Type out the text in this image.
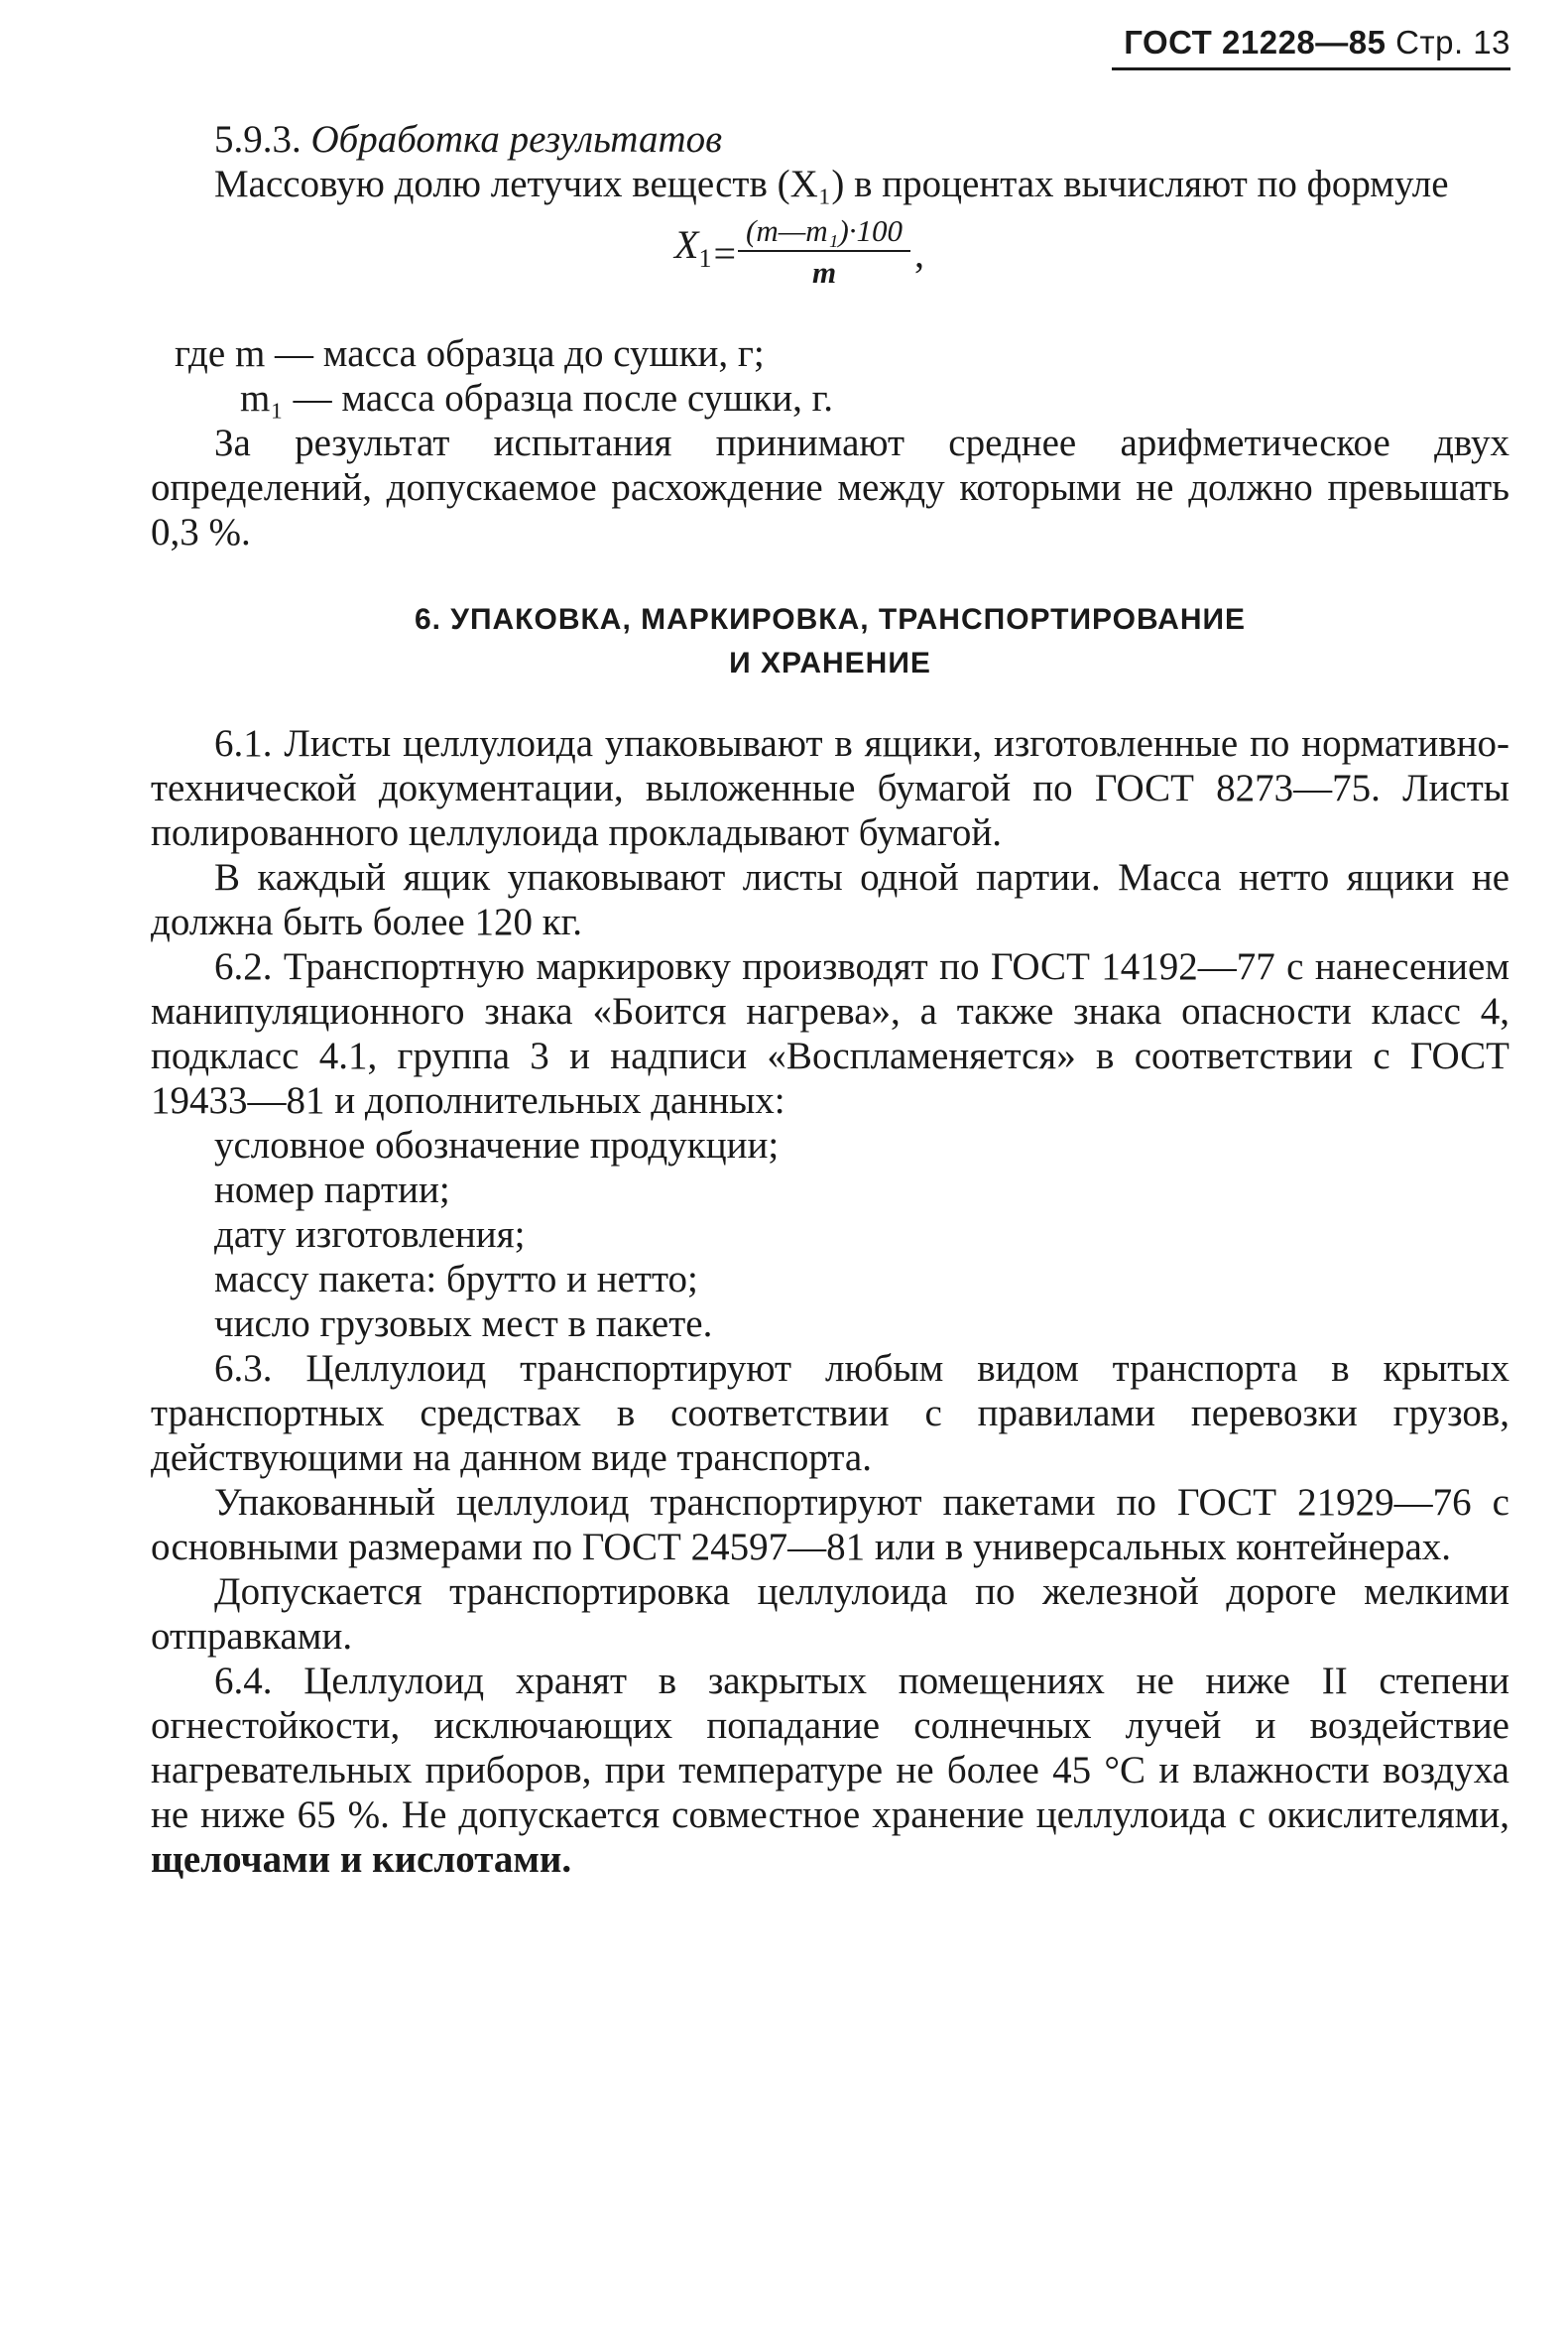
ГОСТ 21228—85 Стр. 13

5.9.3. Обработка результатов

Массовую долю летучих веществ (X₁) в процентах вычисляют по формуле

$X_1 = \frac{\text{(m—m₁)·100}}{m}$ ,

где m — масса образца до сушки, г;

m₁ — масса образца после сушки, г.

За результат испытания принимают среднее арифметическое двух определений, допускаемое расхождение между которыми не должно превышать 0,3 %.

6. УПАКОВКА, МАРКИРОВКА, ТРАНСПОРТИРОВАНИЕ
И ХРАНЕНИЕ

6.1. Листы целлулоида упаковывают в ящики, изготовленные по нормативно-технической документации, выложенные бумагой по ГОСТ 8273—75. Листы полированного целлулоида прокладывают бумагой.

В каждый ящик упаковывают листы одной партии. Масса нетто ящики не должна быть более 120 кг.

6.2. Транспортную маркировку производят по ГОСТ 14192—77 с нанесением манипуляционного знака «Боится нагрева», а также знака опасности класс 4, подкласс 4.1, группа 3 и надписи «Воспламеняется» в соответствии с ГОСТ 19433—81 и дополнительных данных:

условное обозначение продукции;

номер партии;

дату изготовления;

массу пакета: брутто и нетто;

число грузовых мест в пакете.

6.3. Целлулоид транспортируют любым видом транспорта в крытых транспортных средствах в соответствии с правилами перевозки грузов, действующими на данном виде транспорта.

Упакованный целлулоид транспортируют пакетами по ГОСТ 21929—76 с основными размерами по ГОСТ 24597—81 или в универсальных контейнерах.

Допускается транспортировка целлулоида по железной дороге мелкими отправками.

6.4. Целлулоид хранят в закрытых помещениях не ниже II степени огнестойкости, исключающих попадание солнечных лучей и воздействие нагревательных приборов, при температуре не более 45 °С и влажности воздуха не ниже 65 %. Не допускается совместное хранение целлулоида с окислителями, щелочами и кислотами.
